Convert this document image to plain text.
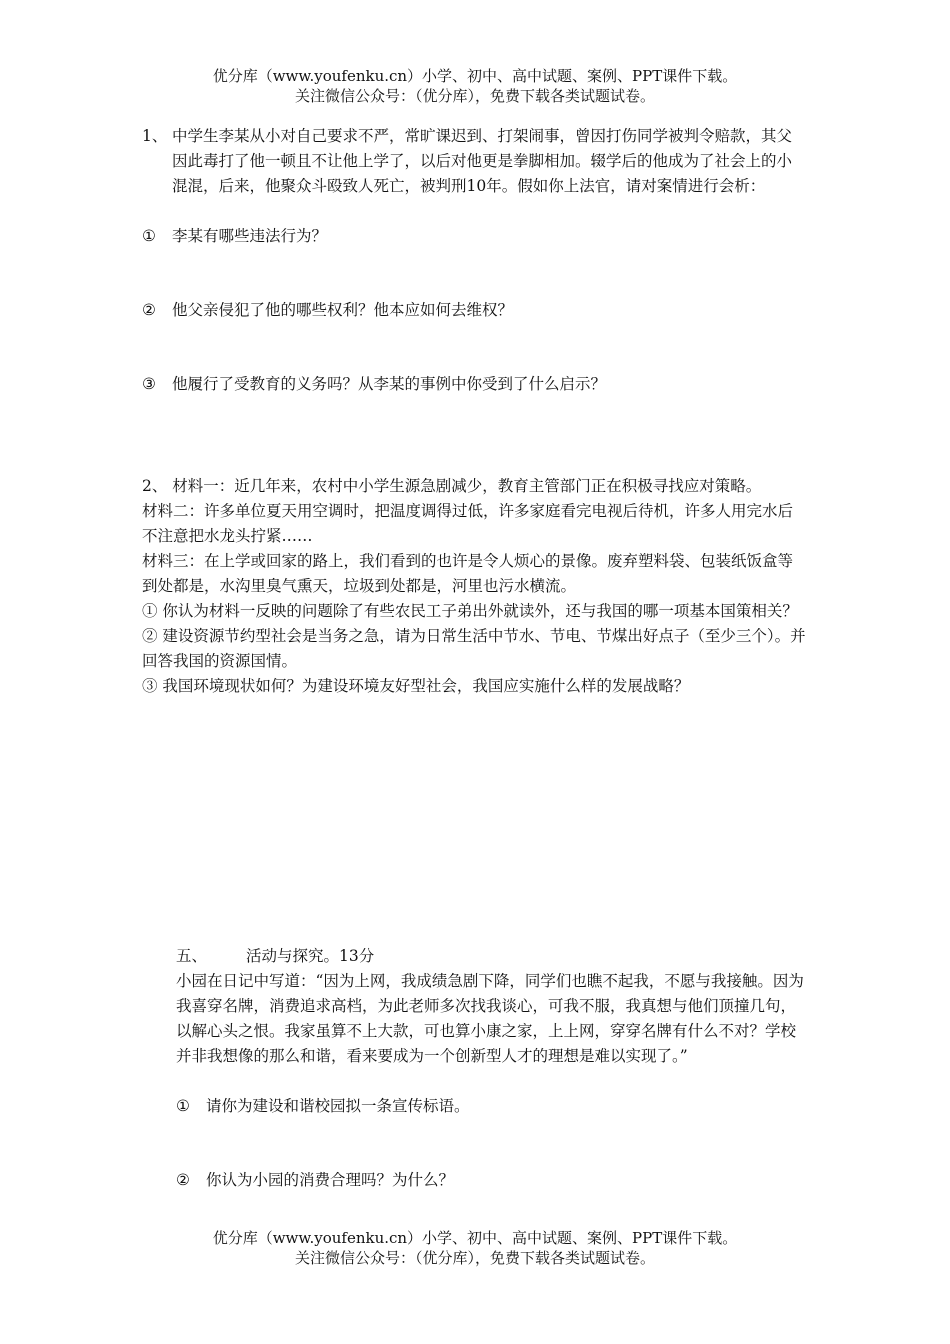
优分库（www.youfenku.cn）小学、初中、高中试题、案例、PPT课件下载。
关注微信公众号：（优分库），免费下载各类试题试卷。
1、 中学生李某从小对自己要求不严，常旷课迟到、打架闹事，曾因打伤同学被判令赔款，其父因此毒打了他一顿且不让他上学了，以后对他更是拳脚相加。辍学后的他成为了社会上的小混混，后来，他聚众斗殴致人死亡，被判刑10年。假如你上法官，请对案情进行会析：
①	李某有哪些违法行为？
②	他父亲侵犯了他的哪些权利？他本应如何去维权？
③	他履行了受教育的义务吗？从李某的事例中你受到了什么启示？

2、 材料一：近几年来，农村中小学生源急剧减少，教育主管部门正在积极寻找应对策略。

材料二：许多单位夏天用空调时，把温度调得过低，许多家庭看完电视后待机，许多人用完水后不注意把水龙头拧紧……

材料三：在上学或回家的路上，我们看到的也许是令人烦心的景像。废弃塑料袋、包装纸饭盒等到处都是，水沟里臭气熏天，垃圾到处都是，河里也污水横流。

① 你认为材料一反映的问题除了有些农民工子弟出外就读外，还与我国的哪一项基本国策相关？

② 建设资源节约型社会是当务之急，请为日常生活中节水、节电、节煤出好点子（至少三个）。并回答我国的资源国情。

③ 我国环境现状如何？为建设环境友好型社会，我国应实施什么样的发展战略？

五、	活动与探究。13分

小园在日记中写道：“因为上网，我成绩急剧下降，同学们也瞧不起我，不愿与我接触。因为我喜穿名牌，消费追求高档，为此老师多次找我谈心，可我不服，我真想与他们顶撞几句，以解心头之恨。我家虽算不上大款，可也算小康之家，上上网，穿穿名牌有什么不对？学校并非我想像的那么和谐，看来要成为一个创新型人才的理想是难以实现了。”

①	请你为建设和谐校园拟一条宣传标语。
②	你认为小园的消费合理吗？为什么？
优分库（www.youfenku.cn）小学、初中、高中试题、案例、PPT课件下载。
关注微信公众号：（优分库），免费下载各类试题试卷。
